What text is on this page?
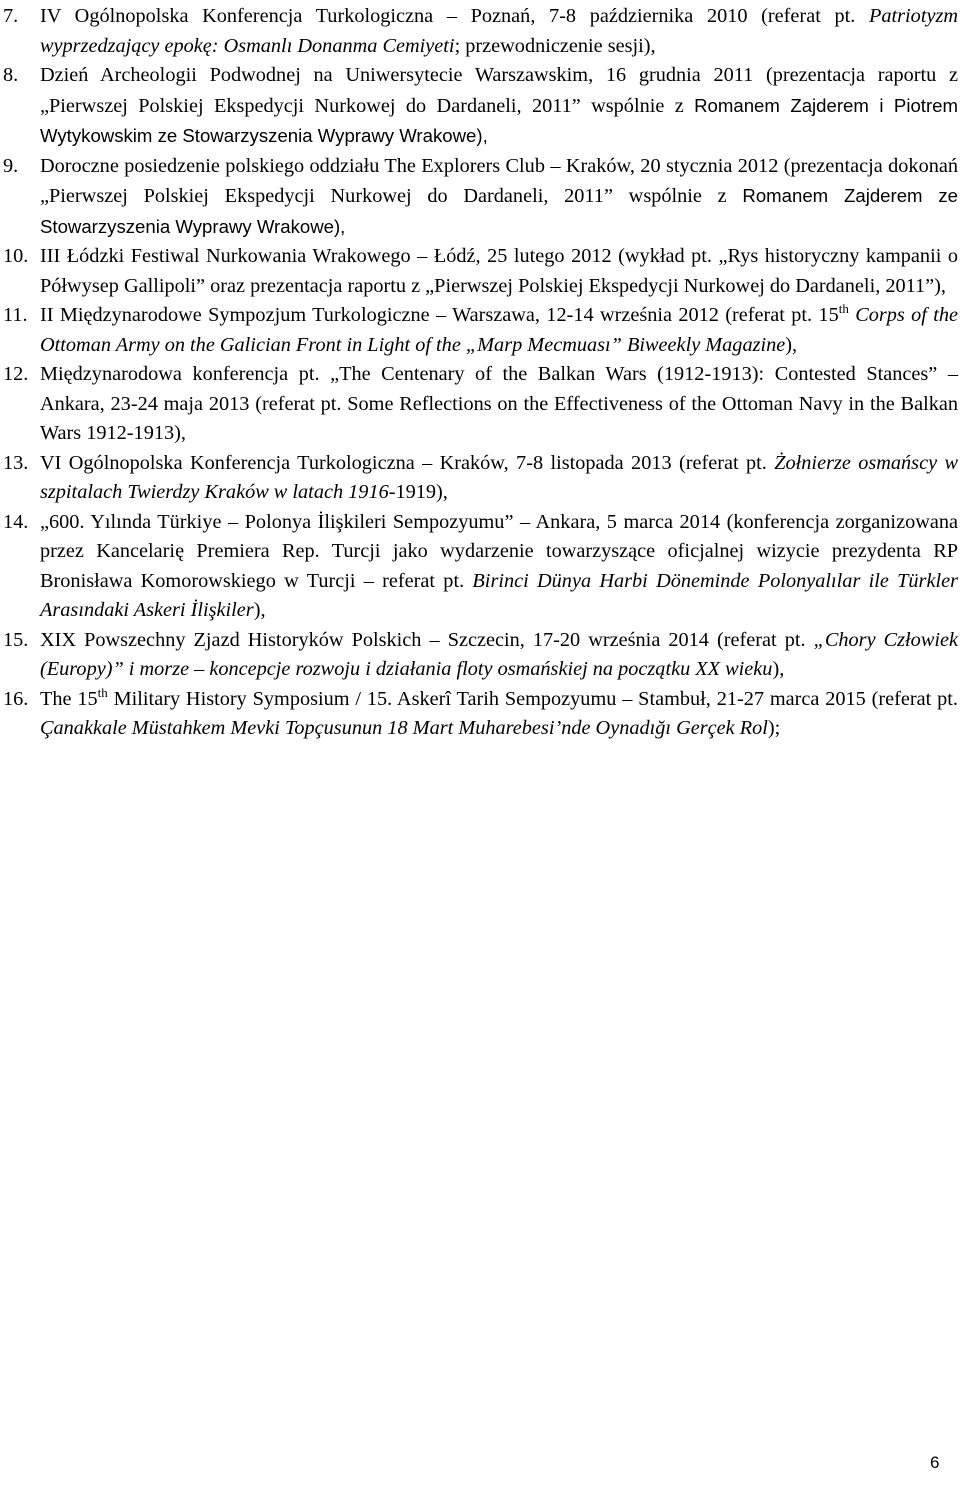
7. IV Ogólnopolska Konferencja Turkologiczna – Poznań, 7-8 października 2010 (referat pt. Patriotyzm wyprzedzający epokę: Osmanlı Donanma Cemiyeti; przewodniczenie sesji),
8. Dzień Archeologii Podwodnej na Uniwersytecie Warszawskim, 16 grudnia 2011 (prezentacja raportu z „Pierwszej Polskiej Ekspedycji Nurkowej do Dardaneli, 2011” wspólnie z Romanem Zajderem i Piotrem Wytykowskim ze Stowarzyszenia Wyprawy Wrakowe),
9. Doroczne posiedzenie polskiego oddziału The Explorers Club – Kraków, 20 stycznia 2012 (prezentacja dokonań „Pierwszej Polskiej Ekspedycji Nurkowej do Dardaneli, 2011” wspólnie z Romanem Zajderem ze Stowarzyszenia Wyprawy Wrakowe),
10. III Łódzki Festiwal Nurkowania Wrakowego – Łódź, 25 lutego 2012 (wykład pt. „Rys historyczny kampanii o Półwysep Gallipoli” oraz prezentacja raportu z „Pierwszej Polskiej Ekspedycji Nurkowej do Dardaneli, 2011”),
11. II Międzynarodowe Sympozjum Turkologiczne – Warszawa, 12-14 września 2012 (referat pt. 15th Corps of the Ottoman Army on the Galician Front in Light of the „Marp Mecmuası” Biweekly Magazine),
12. Międzynarodowa konferencja pt. „The Centenary of the Balkan Wars (1912-1913): Contested Stances” – Ankara, 23-24 maja 2013 (referat pt. Some Reflections on the Effectiveness of the Ottoman Navy in the Balkan Wars 1912-1913),
13. VI Ogólnopolska Konferencja Turkologiczna – Kraków, 7-8 listopada 2013 (referat pt. Żołnierze osmańscy w szpitalach Twierdzy Kraków w latach 1916-1919),
14. „600. Yılında Türkiye – Polonya İlişkileri Sempozyumu” – Ankara, 5 marca 2014 (konferencja zorganizowana przez Kancelarię Premiera Rep. Turcji jako wydarzenie towarzyszące oficjalnej wizycie prezydenta RP Bronisława Komorowskiego w Turcji – referat pt. Birinci Dünya Harbi Döneminde Polonyalılar ile Türkler Arasındaki Askeri İlişkiler),
15. XIX Powszechny Zjazd Historyków Polskich – Szczecin, 17-20 września 2014 (referat pt. „Chory Człowiek (Europy)” i morze – koncepcje rozwoju i działania floty osmańskiej na początku XX wieku),
16. The 15th Military History Symposium / 15. Askerî Tarih Sempozyumu – Stambuł, 21-27 marca 2015 (referat pt. Çanakkale Müstahkem Mevki Topçusunun 18 Mart Muharebesi’nde Oynadığı Gerçek Rol);
6
